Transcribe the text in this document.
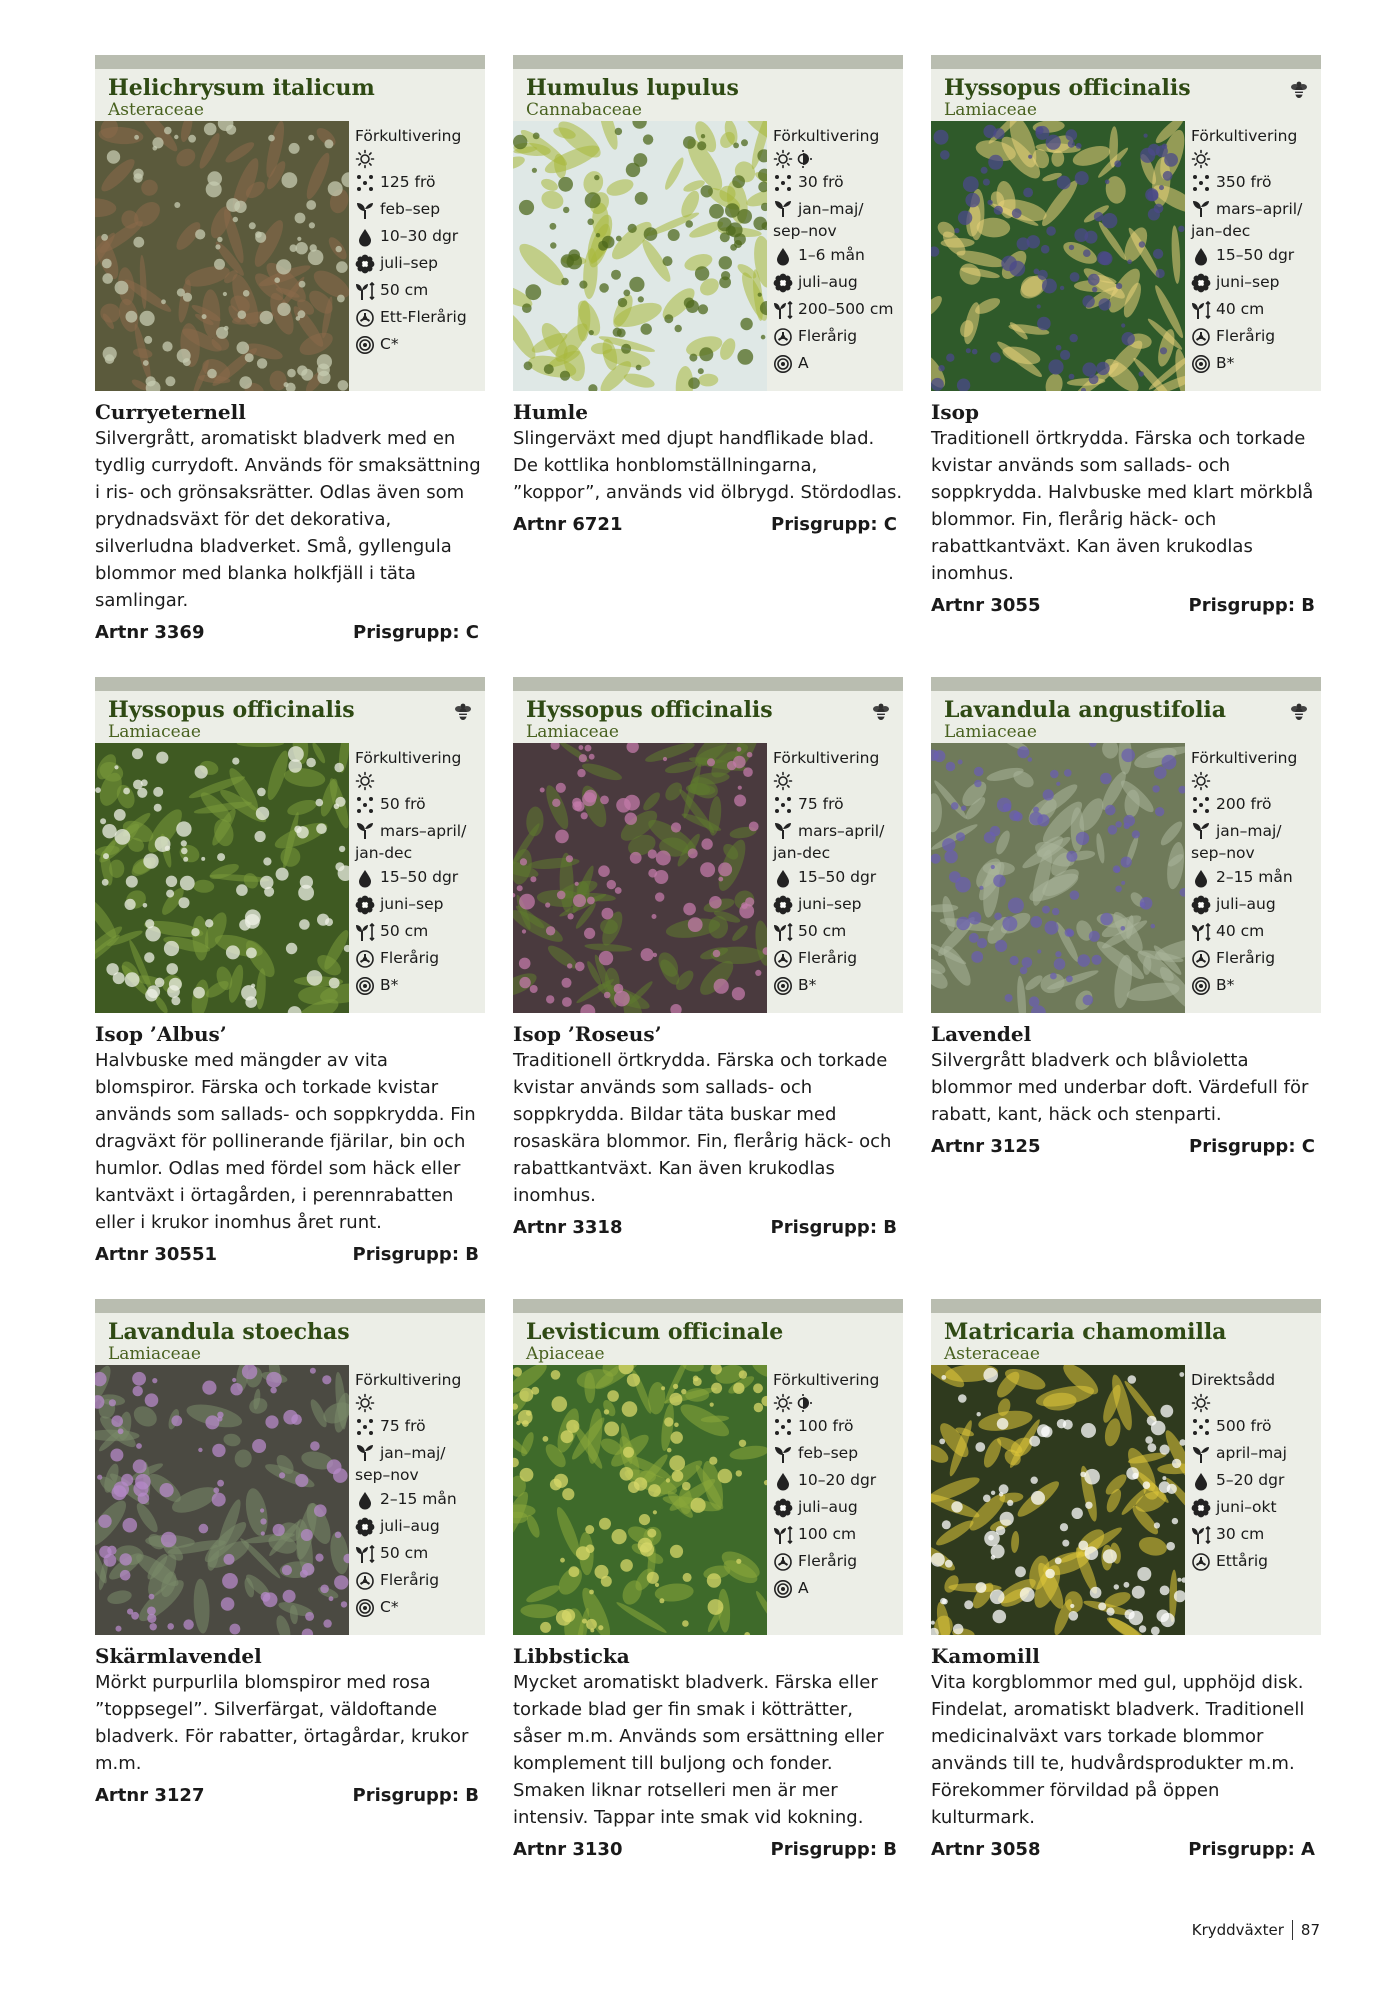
Helichrysum italicum
Asteraceae
Förkultivering
125 frö
feb–sep
10–30 dgr
juli–sep
50 cm
Ett-Flerårig
C*
Curryeternell
Silvergrått, aromatiskt bladverk med en tydlig currydoft. Används för smaksättning i ris- och grönsaksrätter. Odlas även som prydnadsväxt för det dekorativa, silverludna bladverket. Små, gyllengula blommor med blanka holkfjäll i täta samlingar.
Artnr 3369	Prisgrupp: C
Humulus lupulus
Cannabaceae
Förkultivering
30 frö
jan–maj/
sep–nov
1–6 mån
juli–aug
200–500 cm
Flerårig
A
Humle
Slingerväxt med djupt handflikade blad. De kottlika honblomställningarna, ”koppor”, används vid ölbrygd. Stördodlas.
Artnr 6721	Prisgrupp: C
Hyssopus officinalis
Lamiaceae
Förkultivering
350 frö
mars–april/
jan–dec
15–50 dgr
juni–sep
40 cm
Flerårig
B*
Isop
Traditionell örtkrydda. Färska och torkade kvistar används som sallads- och soppkrydda. Halvbuske med klart mörkblå blommor. Fin, flerårig häck- och rabattkantväxt. Kan även krukodlas inomhus.
Artnr 3055	Prisgrupp: B
Hyssopus officinalis
Lamiaceae
Förkultivering
50 frö
mars–april/
jan-dec
15–50 dgr
juni–sep
50 cm
Flerårig
B*
Isop ’Albus’
Halvbuske med mängder av vita blomspiror. Färska och torkade kvistar används som sallads- och soppkrydda. Fin dragväxt för pollinerande fjärilar, bin och humlor. Odlas med fördel som häck eller kantväxt i örtagården, i perennrabatten eller i krukor inomhus året runt.
Artnr 30551	Prisgrupp: B
Hyssopus officinalis
Lamiaceae
Förkultivering
75 frö
mars–april/
jan-dec
15–50 dgr
juni–sep
50 cm
Flerårig
B*
Isop ’Roseus’
Traditionell örtkrydda. Färska och torkade kvistar används som sallads- och soppkrydda. Bildar täta buskar med rosaskära blommor. Fin, flerårig häck- och rabattkantväxt. Kan även krukodlas inomhus.
Artnr 3318	Prisgrupp: B
Lavandula angustifolia
Lamiaceae
Förkultivering
200 frö
jan–maj/
sep–nov
2–15 mån
juli–aug
40 cm
Flerårig
B*
Lavendel
Silvergrått bladverk och blåvioletta blommor med underbar doft. Värdefull för rabatt, kant, häck och stenparti.
Artnr 3125	Prisgrupp: C
Lavandula stoechas
Lamiaceae
Förkultivering
75 frö
jan–maj/
sep–nov
2–15 mån
juli–aug
50 cm
Flerårig
C*
Skärmlavendel
Mörkt purpurlila blomspiror med rosa ”toppsegel”. Silverfärgat, väldoftande bladverk. För rabatter, örtagårdar, krukor m.m.
Artnr 3127	Prisgrupp: B
Levisticum officinale
Apiaceae
Förkultivering
100 frö
feb–sep
10–20 dgr
juli–aug
100 cm
Flerårig
A
Libbsticka
Mycket aromatiskt bladverk. Färska eller torkade blad ger fin smak i kötträtter, såser m.m. Används som ersättning eller komplement till buljong och fonder. Smaken liknar rotselleri men är mer intensiv. Tappar inte smak vid kokning.
Artnr 3130	Prisgrupp: B
Matricaria chamomilla
Asteraceae
Direktsådd
500 frö
april–maj
5–20 dgr
juni–okt
30 cm
Ettårig
Kamomill
Vita korgblommor med gul, upphöjd disk. Findelat, aromatiskt bladverk. Traditionell medicinalväxt vars torkade blommor används till te, hudvårdsprodukter m.m. Förekommer förvildad på öppen kulturmark.
Artnr 3058	Prisgrupp: A
Kryddväxter 87
